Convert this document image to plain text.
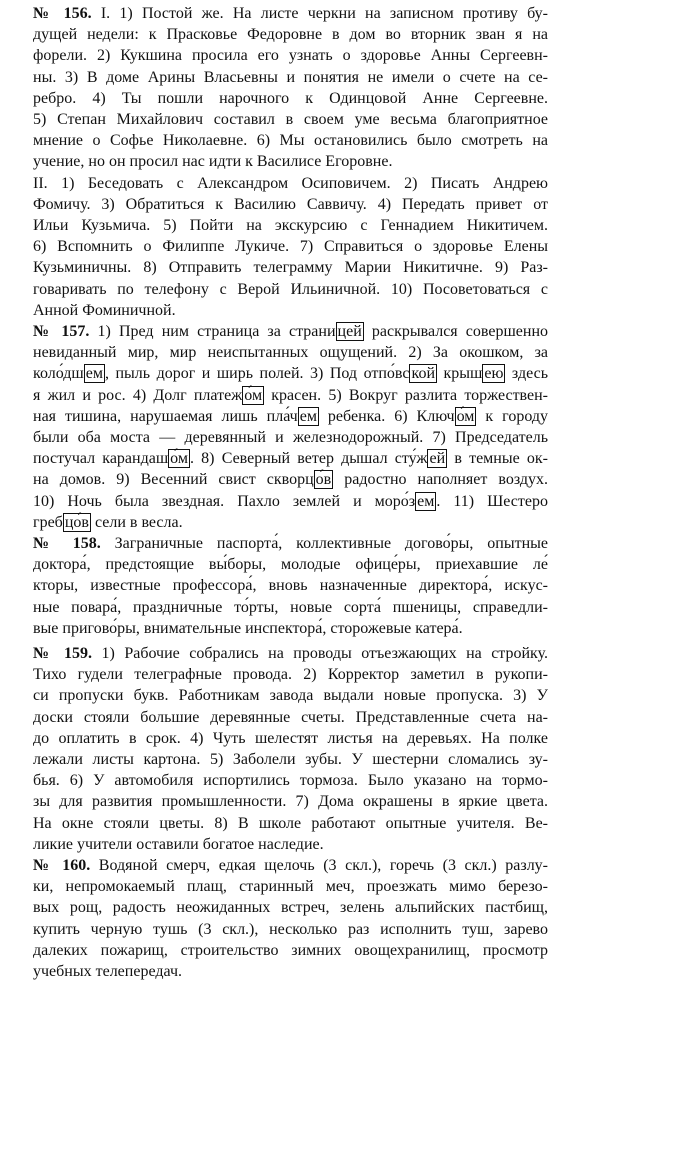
№ 156. I. 1) Постой же. На листе черкни на записном противу бу-
дущей недели: к Прасковье Федоровне в дом во вторник зван я на
форели. 2) Кукшина просила его узнать о здоровье Анны Сергеевн-
ны. 3) В доме Арины Власьевны и понятия не имели о счете на се-
ребро. 4) Ты пошли нарочного к Одинцовой Анне Сергеевне.
5) Степан Михайлович составил в своем уме весьма благоприятное
мнение о Софье Николаевне. 6) Мы остановились было смотреть на
учение, но он просил нас идти к Василисе Егоровне.
II. 1) Беседовать с Александром Осиповичем. 2) Писать Андрею
Фомичу. 3) Обратиться к Василию Саввичу. 4) Передать привет от
Ильи Кузьмича. 5) Пойти на экскурсию с Геннадием Никитичем.
6) Вспомнить о Филиппе Лукиче. 7) Справиться о здоровье Елены
Кузьминичны. 8) Отправить телеграмму Марии Никитичне. 9) Раз-
говаривать по телефону с Верой Ильиничной. 10) Посоветоваться с
Анной Фоминичной.
№ 157. 1) Пред ним страница за страни цей раскрывался совершенно
невиданный мир, мир неиспытанных ощущений. 2) За окошком, за
коло́дш ем , пыль дорог и ширь полей. 3) Под отпо́вс кой крыш ею здесь
я жил и рос. 4) Долг платеж о́м красен. 5) Вокруг разлита торжествен-
ная тишина, нарушаемая лишь пла́ч ем ребенка. 6) Ключ о́м к городу
были оба моста — деревянный и железнодорожный. 7) Председатель
постучал карандаш о́м . 8) Северный ветер дышал сту́ж ей в темные ок-
на домов. 9) Весенний свист скворц о́в радостно наполняет воздух.
10) Ночь была звездная. Пахло землей и моро́з ем . 11) Шестеро
греб цо́в сели в весла.
№ 158. Заграничные паспорта́, коллективные догово́ры, опытные
доктора́, предстоящие вы́боры, молодые офице́ры, приехавшие ле́
кторы, известные профессора́, вновь назначенные директора́, искус-
ные повара́, праздничные то́рты, новые сорта́ пшеницы, справедли-
вые пригово́ры, внимательные инспектора́, сторожевые катера́.
№ 159. 1) Рабочие собрались на проводы отъезжающих на стройку.
Тихо гудели телеграфные провода. 2) Корректор заметил в рукопи-
си пропуски букв. Работникам завода выдали новые пропуска. 3) У
доски стояли большие деревянные счеты. Представленные счета на-
до оплатить в срок. 4) Чуть шелестят листья на деревьях. На полке
лежали листы картона. 5) Заболели зубы. У шестерни сломались зу-
бья. 6) У автомобиля испортились тормоза. Было указано на тормо-
зы для развития промышленности. 7) Дома окрашены в яркие цвета.
На окне стояли цветы. 8) В школе работают опытные учителя. Ве-
ликие учители оставили богатое наследие.
№ 160. Водяной смерч, едкая щелочь (3 скл.), горечь (3 скл.) разлу-
ки, непромокаемый плащ, старинный меч, проезжать мимо березо-
вых рощ, радость неожиданных встреч, зелень альпийских пастбищ,
купить черную тушь (3 скл.), несколько раз исполнить туш, зарево
далеких пожарищ, строительство зимних овощехранилищ, просмотр
учебных телепередач.
